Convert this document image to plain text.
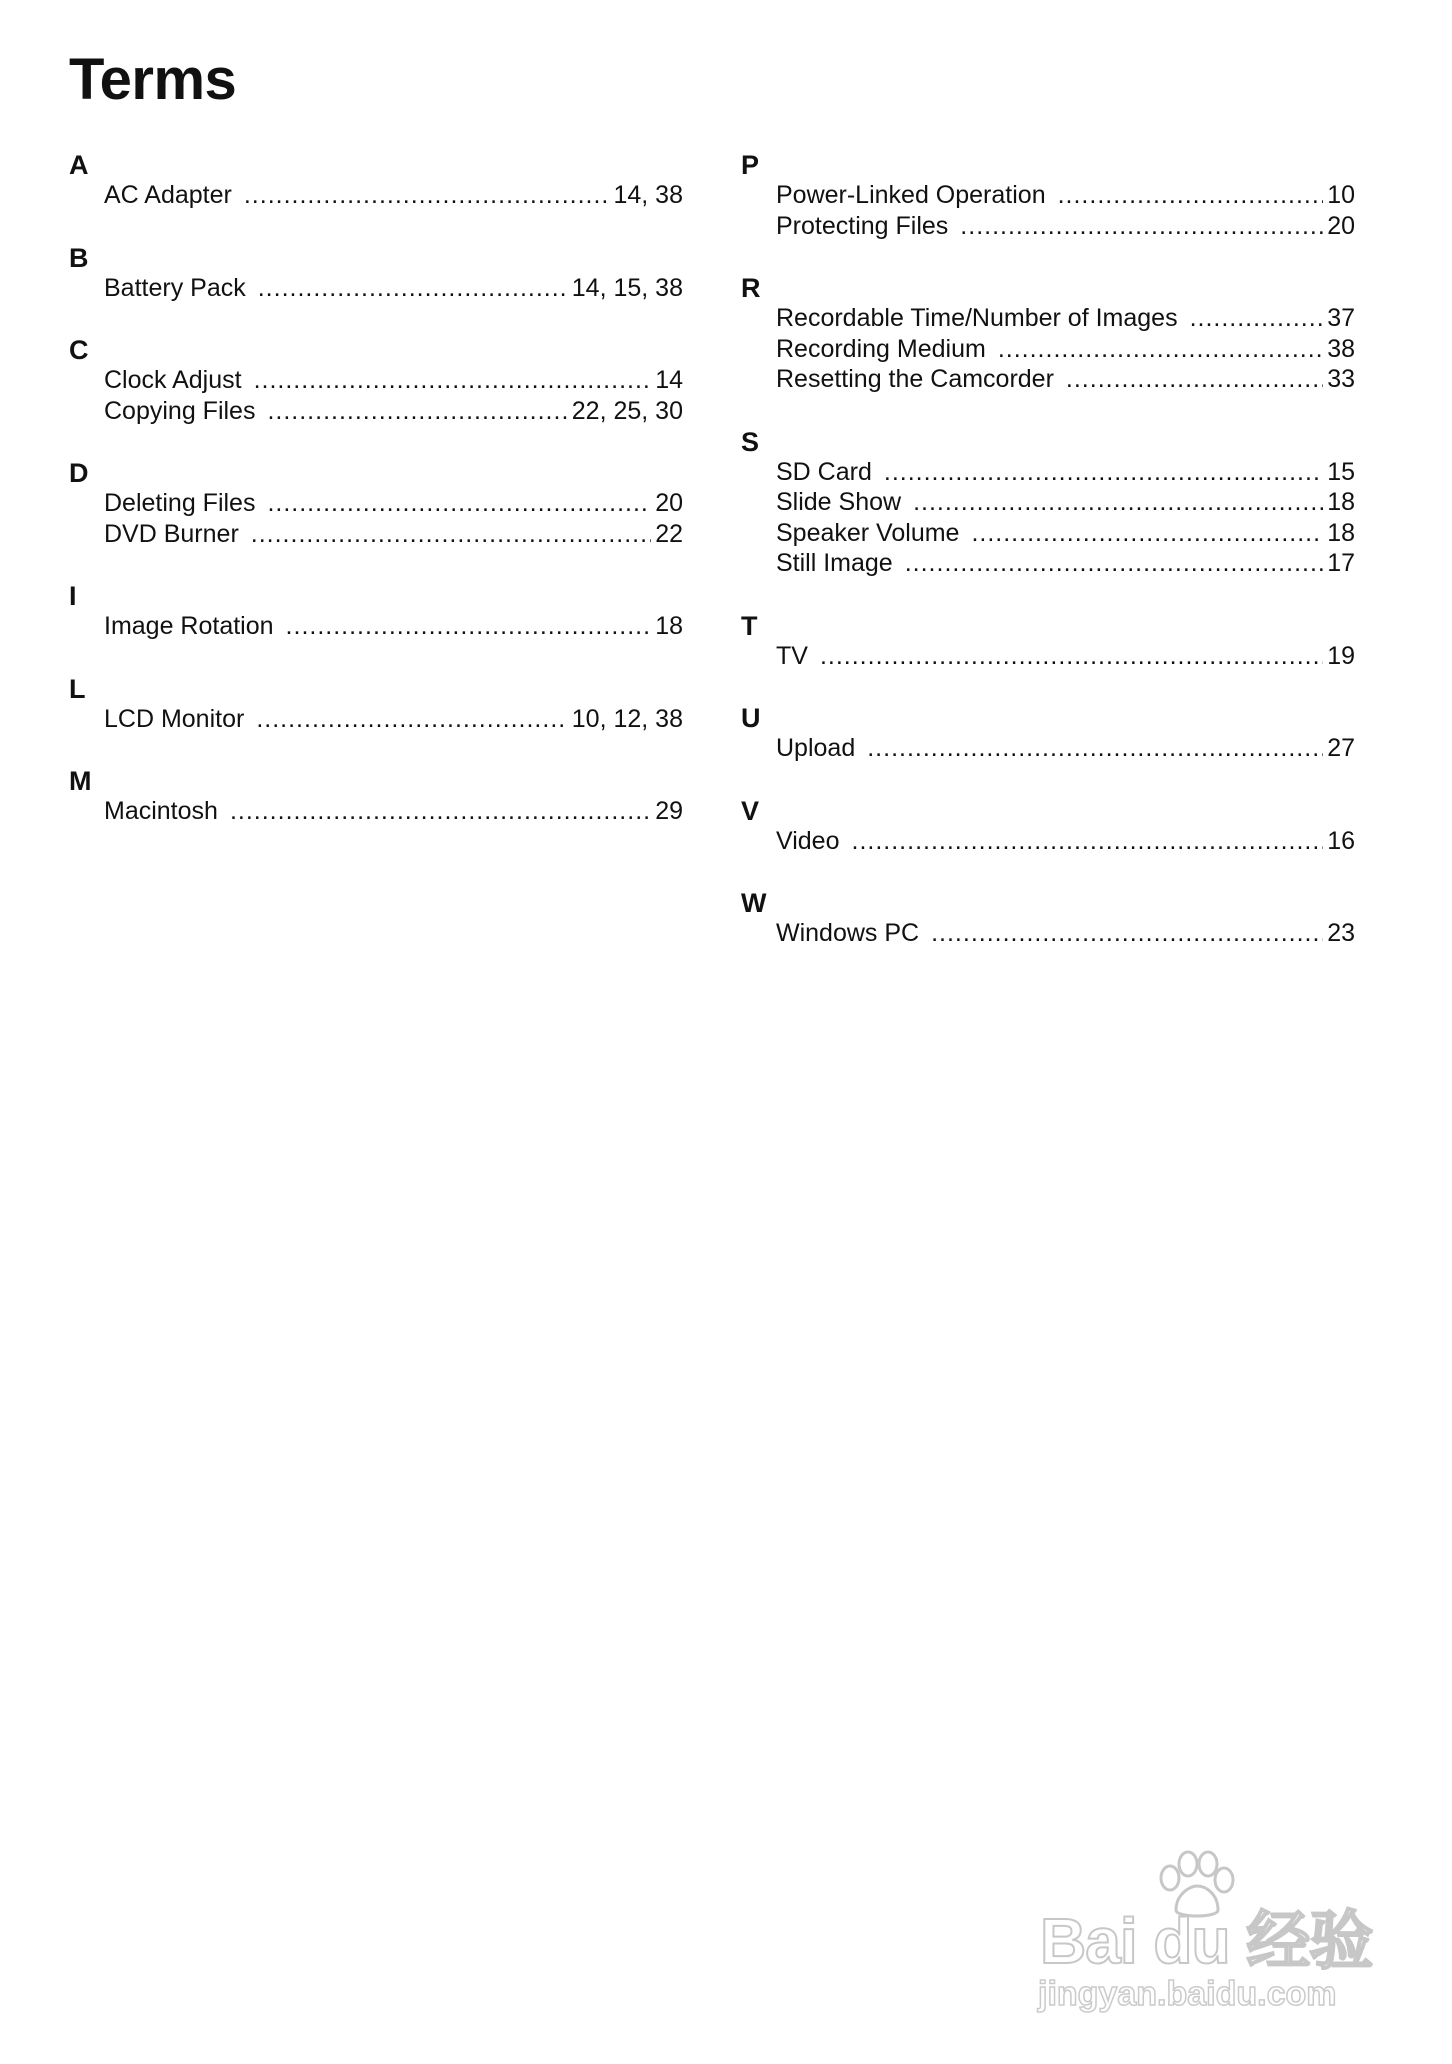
Terms
A
AC Adapter .....	14, 38
B
Battery Pack .....	14, 15, 38
C
Clock Adjust .....	14
Copying Files .....	22, 25, 30
D
Deleting Files .....	20
DVD Burner .....	22
I
Image Rotation .....	18
L
LCD Monitor .....	10, 12, 38
M
Macintosh .....	29
P
Power-Linked Operation .....	10
Protecting Files .....	20
R
Recordable Time/Number of Images .....	37
Recording Medium .....	38
Resetting the Camcorder .....	33
S
SD Card .....	15
Slide Show .....	18
Speaker Volume .....	18
Still Image .....	17
T
TV .....	19
U
Upload .....	27
V
Video .....	16
W
Windows PC .....	23
Bai du 经验
jingyan.baidu.com
